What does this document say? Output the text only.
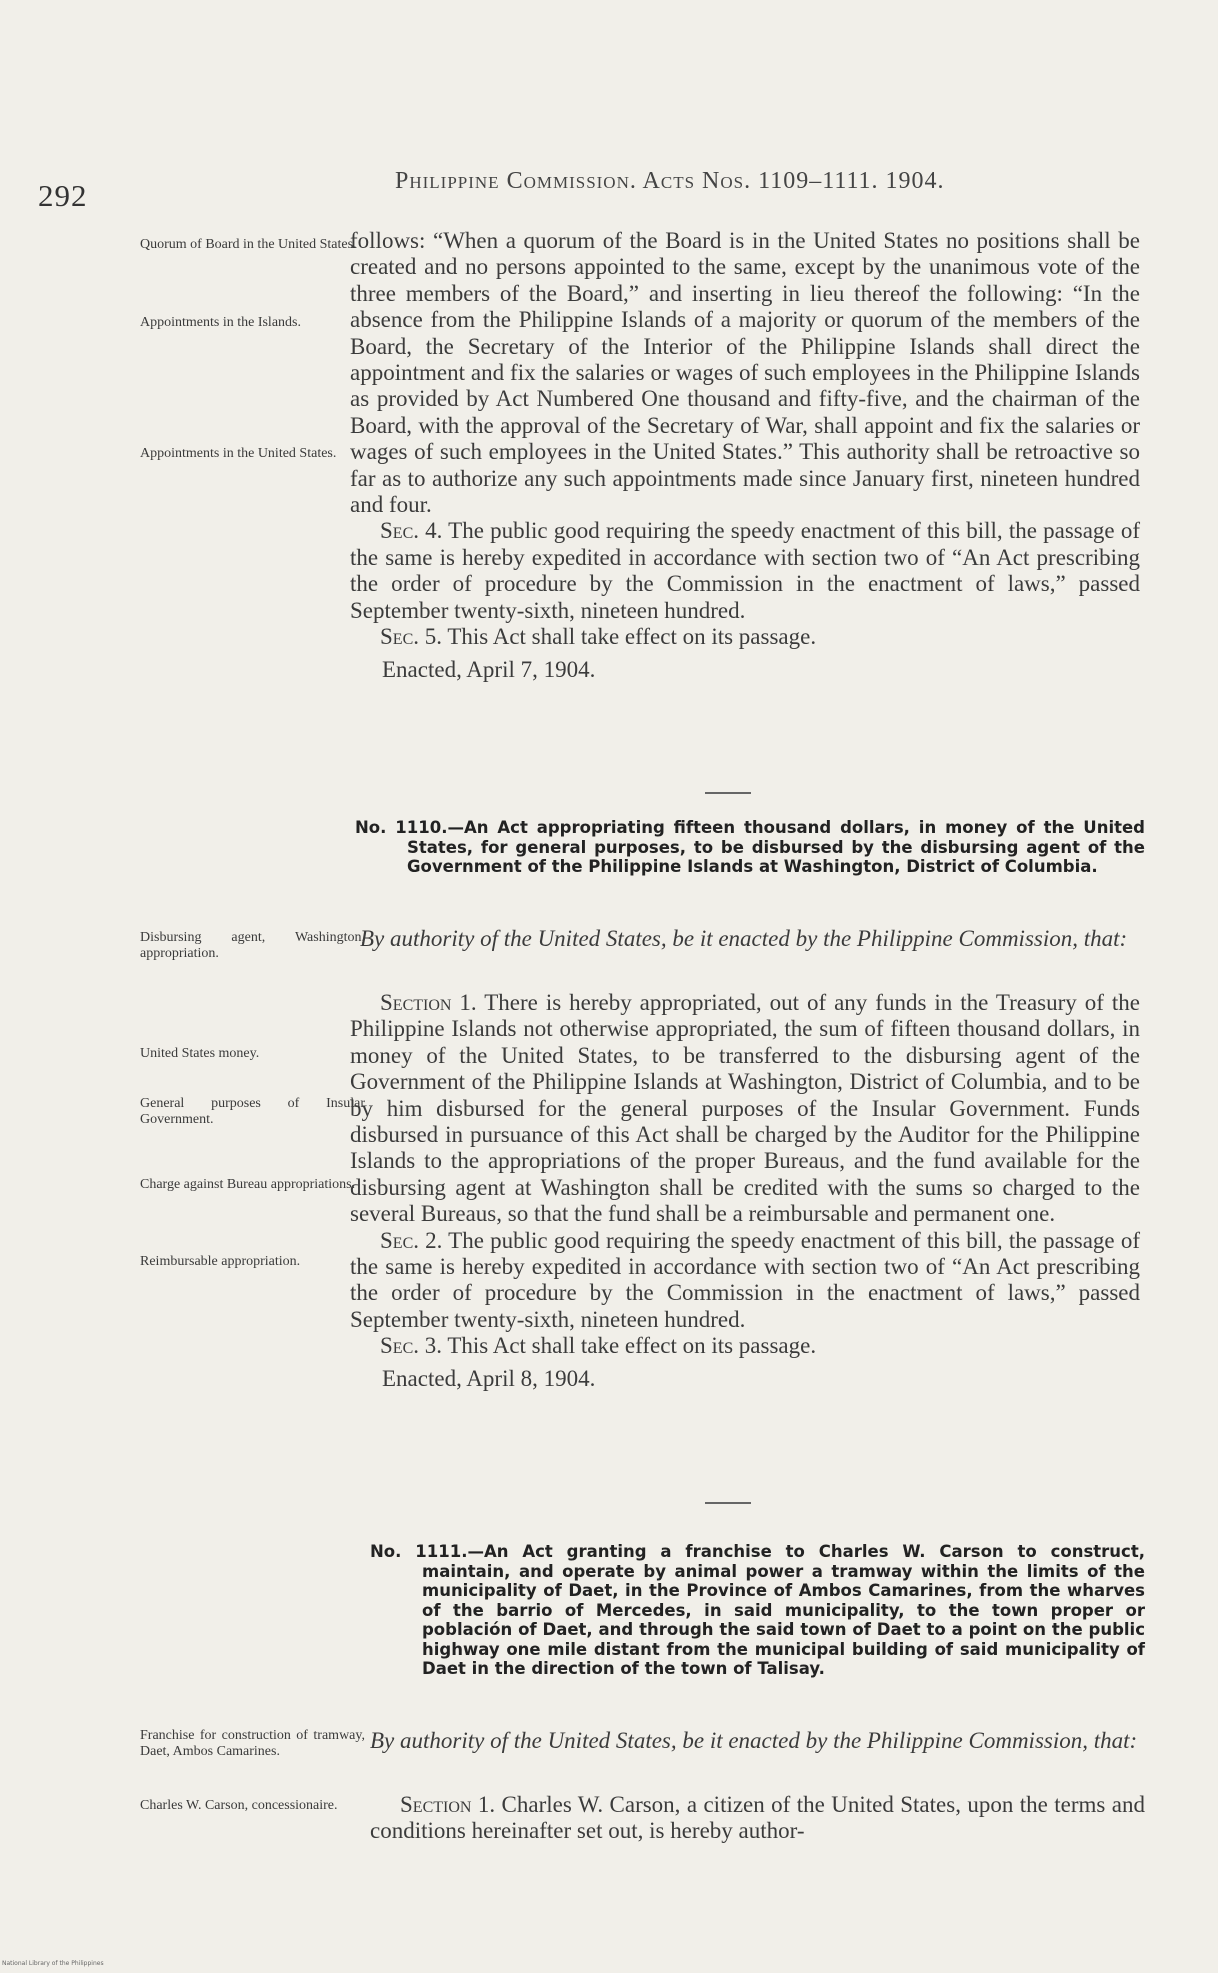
292	Philippine Commission. Acts Nos. 1109–1111. 1904.
Quorum of Board in the United States.
Appointments in the Islands.
Appointments in the United States.
Disbursing agent, Washington, appropriation.
United States money.
General purposes of Insular Government.
Charge against Bureau appropriations.
Reimbursable appropriation.
Franchise for construction of tramway, Daet, Ambos Camarines.
Charles W. Carson, concessionaire.

follows: “When a quorum of the Board is in the United States no positions shall be created and no persons appointed to the same, except by the unanimous vote of the three members of the Board,” and inserting in lieu thereof the following: “In the absence from the Philippine Islands of a majority or quorum of the members of the Board, the Secretary of the Interior of the Philippine Islands shall direct the appointment and fix the salaries or wages of such employees in the Philippine Islands as provided by Act Numbered One thousand and fifty-five, and the chairman of the Board, with the approval of the Secretary of War, shall appoint and fix the salaries or wages of such employees in the United States.” This authority shall be retroactive so far as to authorize any such appointments made since January first, nineteen hundred and four.

Sec. 4. The public good requiring the speedy enactment of this bill, the passage of the same is hereby expedited in accordance with section two of “An Act prescribing the order of procedure by the Commission in the enactment of laws,” passed September twenty-sixth, nineteen hundred.

Sec. 5. This Act shall take effect on its passage.

Enacted, April 7, 1904.

No. 1110.—An Act appropriating fifteen thousand dollars, in money of the United States, for general purposes, to be disbursed by the disbursing agent of the Government of the Philippine Islands at Washington, District of Columbia.

By authority of the United States, be it enacted by the Philippine Commission, that:

Section 1. There is hereby appropriated, out of any funds in the Treasury of the Philippine Islands not otherwise appropriated, the sum of fifteen thousand dollars, in money of the United States, to be transferred to the disbursing agent of the Government of the Philippine Islands at Washington, District of Columbia, and to be by him disbursed for the general purposes of the Insular Government. Funds disbursed in pursuance of this Act shall be charged by the Auditor for the Philippine Islands to the appropriations of the proper Bureaus, and the fund available for the disbursing agent at Washington shall be credited with the sums so charged to the several Bureaus, so that the fund shall be a reimbursable and permanent one.

Sec. 2. The public good requiring the speedy enactment of this bill, the passage of the same is hereby expedited in accordance with section two of “An Act prescribing the order of procedure by the Commission in the enactment of laws,” passed September twenty-sixth, nineteen hundred.

Sec. 3. This Act shall take effect on its passage.

Enacted, April 8, 1904.

No. 1111.—An Act granting a franchise to Charles W. Carson to construct, maintain, and operate by animal power a tramway within the limits of the municipality of Daet, in the Province of Ambos Camarines, from the wharves of the barrio of Mercedes, in said municipality, to the town proper or población of Daet, and through the said town of Daet to a point on the public highway one mile distant from the municipal building of said municipality of Daet in the direction of the town of Talisay.

By authority of the United States, be it enacted by the Philippine Commission, that:

Section 1. Charles W. Carson, a citizen of the United States, upon the terms and conditions hereinafter set out, is hereby author-

National Library of the Philippines
